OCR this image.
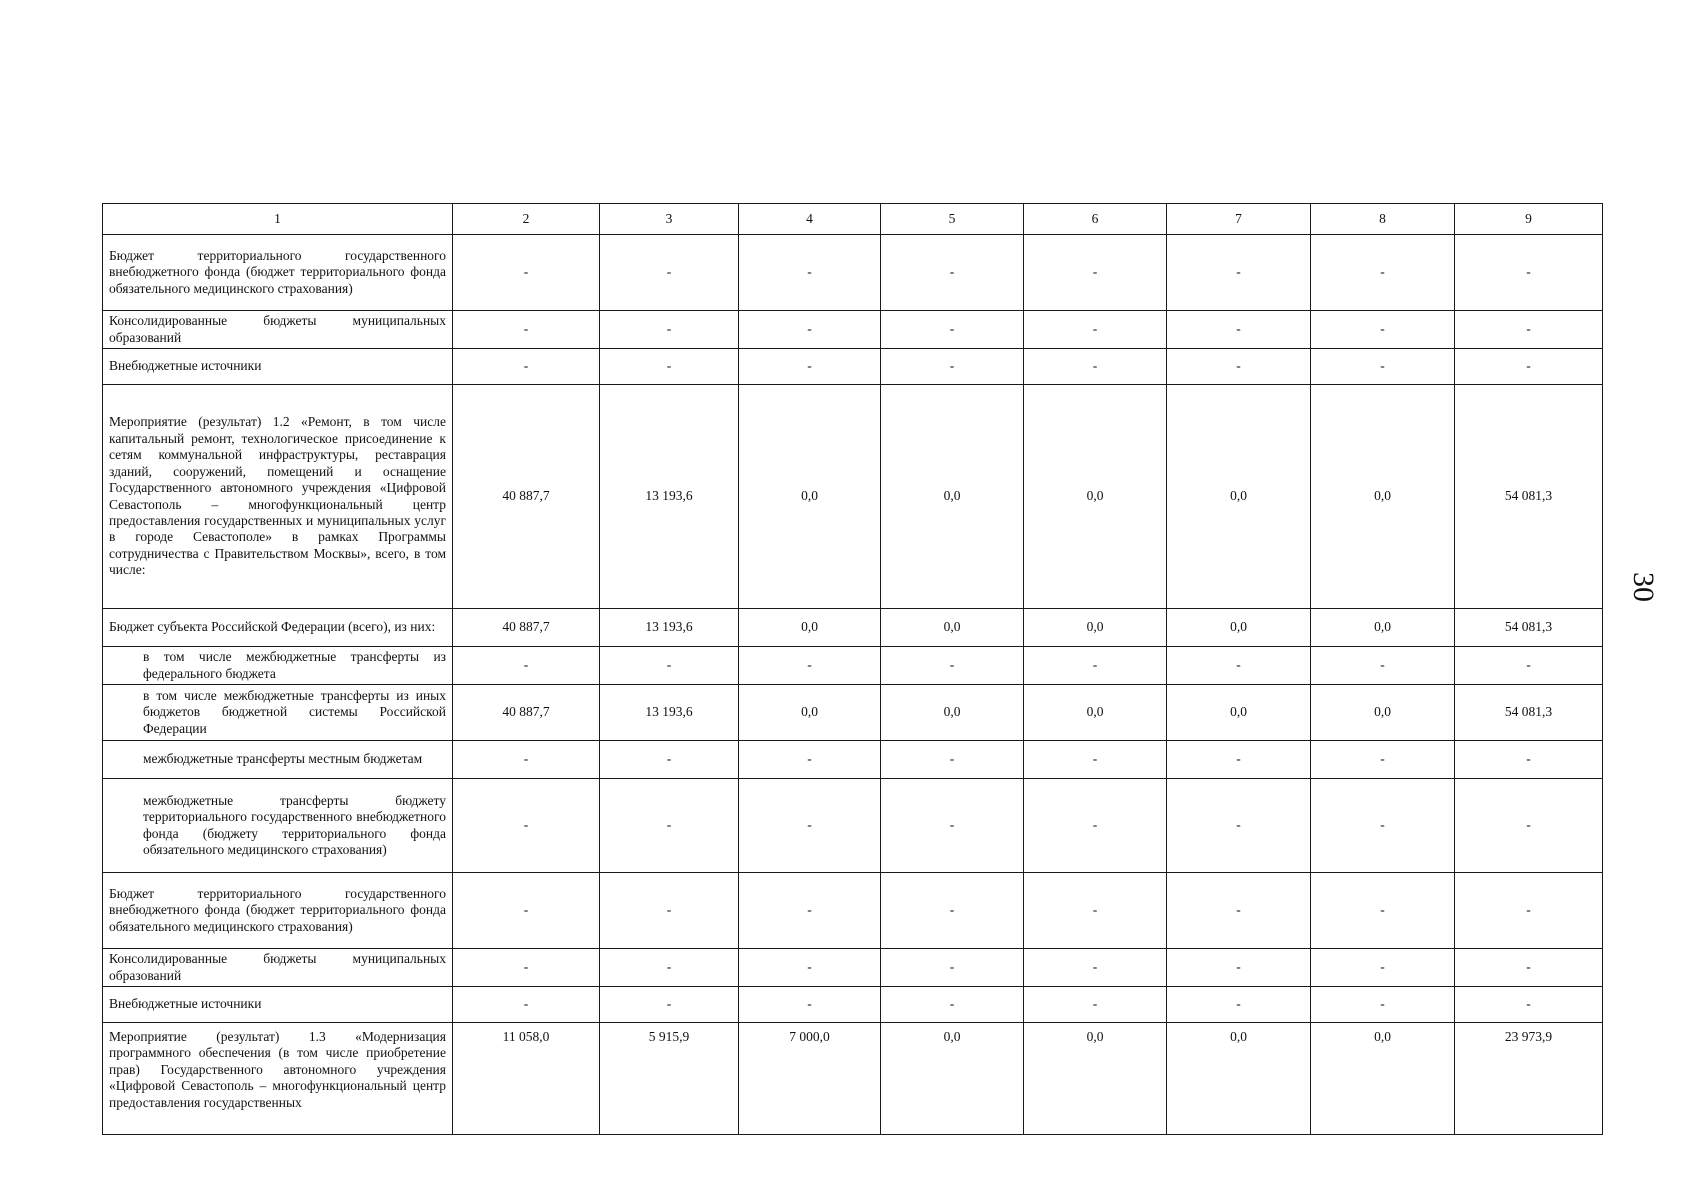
1	2	3	4	5	6	7	8	9
Бюджет территориального государственного внебюджетного фонда (бюджет территориального фонда обязательного медицинского страхования)	-	-	-	-	-	-	-	-
Консолидированные бюджеты муниципальных образований	-	-	-	-	-	-	-	-
Внебюджетные источники	-	-	-	-	-	-	-	-
Мероприятие (результат) 1.2 «Ремонт, в том числе капитальный ремонт, технологическое присоединение к сетям коммунальной инфраструктуры, реставрация зданий, сооружений, помещений и оснащение Государственного автономного учреждения «Цифровой Севастополь – многофункциональный центр предоставления государственных и муниципальных услуг в городе Севастополе» в рамках Программы сотрудничества с Правительством Москвы», всего, в том числе:	40 887,7	13 193,6	0,0	0,0	0,0	0,0	0,0	54 081,3
Бюджет субъекта Российской Федерации (всего), из них:	40 887,7	13 193,6	0,0	0,0	0,0	0,0	0,0	54 081,3
в том числе межбюджетные трансферты из федерального бюджета	-	-	-	-	-	-	-	-
в том числе межбюджетные трансферты из иных бюджетов бюджетной системы Российской Федерации	40 887,7	13 193,6	0,0	0,0	0,0	0,0	0,0	54 081,3
межбюджетные трансферты местным бюджетам	-	-	-	-	-	-	-	-
межбюджетные трансферты бюджету территориального государственного внебюджетного фонда (бюджету территориального фонда обязательного медицинского страхования)	-	-	-	-	-	-	-	-
Бюджет территориального государственного внебюджетного фонда (бюджет территориального фонда обязательного медицинского страхования)	-	-	-	-	-	-	-	-
Консолидированные бюджеты муниципальных образований	-	-	-	-	-	-	-	-
Внебюджетные источники	-	-	-	-	-	-	-	-
Мероприятие (результат) 1.3 «Модернизация программного обеспечения (в том числе приобретение прав) Государственного автономного учреждения «Цифровой Севастополь – многофункциональный центр предоставления государственных	11 058,0	5 915,9	7 000,0	0,0	0,0	0,0	0,0	23 973,9
30
